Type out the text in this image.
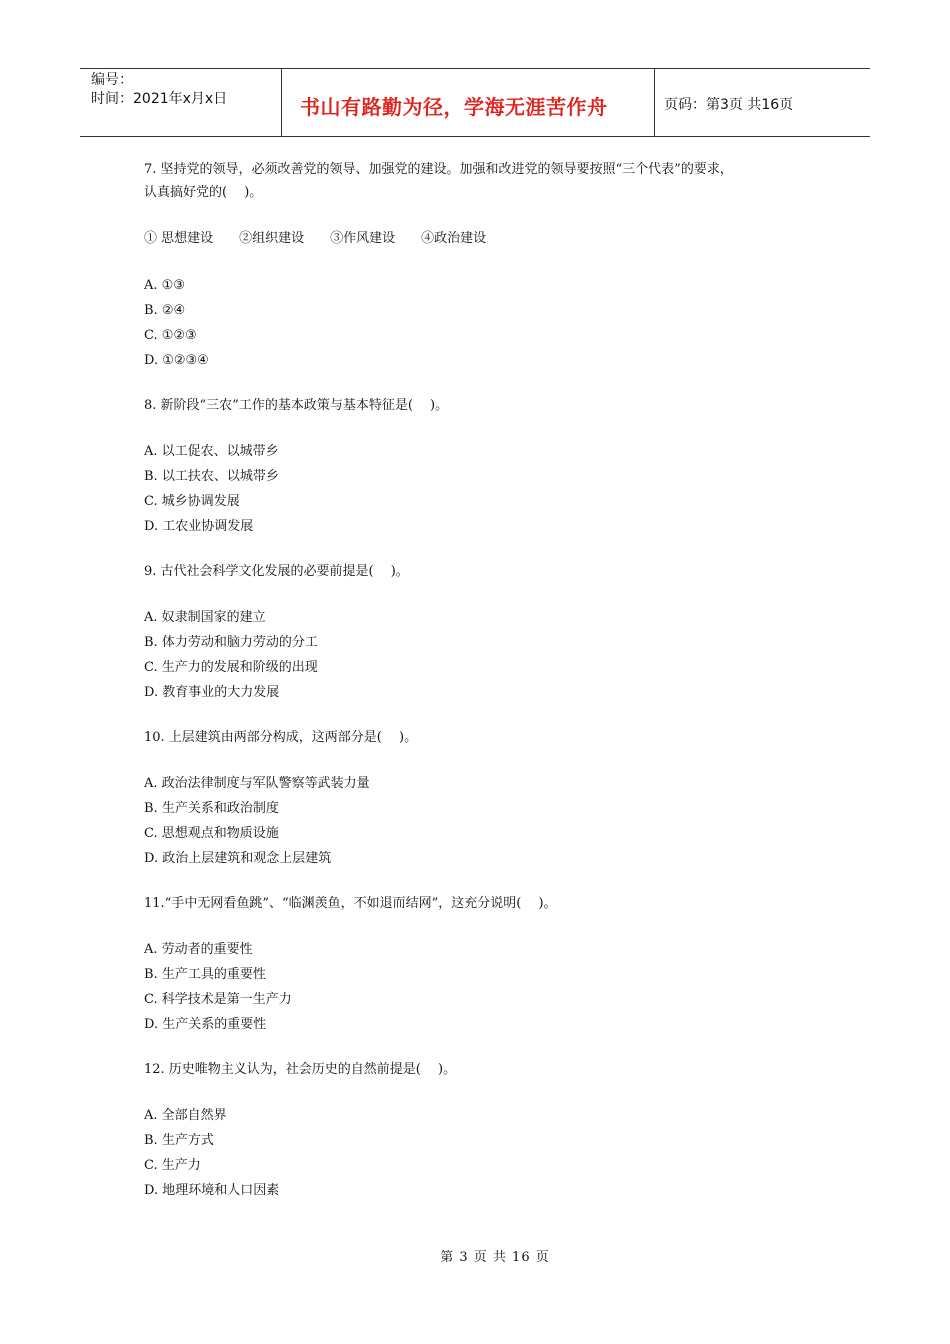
编号：
时间：2021年x月x日	书山有路勤为径，学海无涯苦作舟	页码：第3页 共16页

7. 坚持党的领导，必须改善党的领导、加强党的建设。加强和改进党的领导要按照“三个代表”的要求，

认真搞好党的(　 )。

① 思想建设 ②组织建设 ③作风建设 ④政治建设
A. ①③
B. ②④
C. ①②③
D. ①②③④

8. 新阶段“三农”工作的基本政策与基本特征是(　 )。

A. 以工促农、以城带乡
B. 以工扶农、以城带乡
C. 城乡协调发展
D. 工农业协调发展

9. 古代社会科学文化发展的必要前提是(　 )。

A. 奴隶制国家的建立
B. 体力劳动和脑力劳动的分工
C. 生产力的发展和阶级的出现
D. 教育事业的大力发展

10. 上层建筑由两部分构成，这两部分是(　 )。

A. 政治法律制度与军队警察等武装力量
B. 生产关系和政治制度
C. 思想观点和物质设施
D. 政治上层建筑和观念上层建筑

11.“手中无网看鱼跳”、“临渊羡鱼，不如退而结网”，这充分说明(　 )。

A. 劳动者的重要性
B. 生产工具的重要性
C. 科学技术是第一生产力
D. 生产关系的重要性

12. 历史唯物主义认为，社会历史的自然前提是(　 )。

A. 全部自然界
B. 生产方式
C. 生产力
D. 地理环境和人口因素
第 3 页 共 16 页
